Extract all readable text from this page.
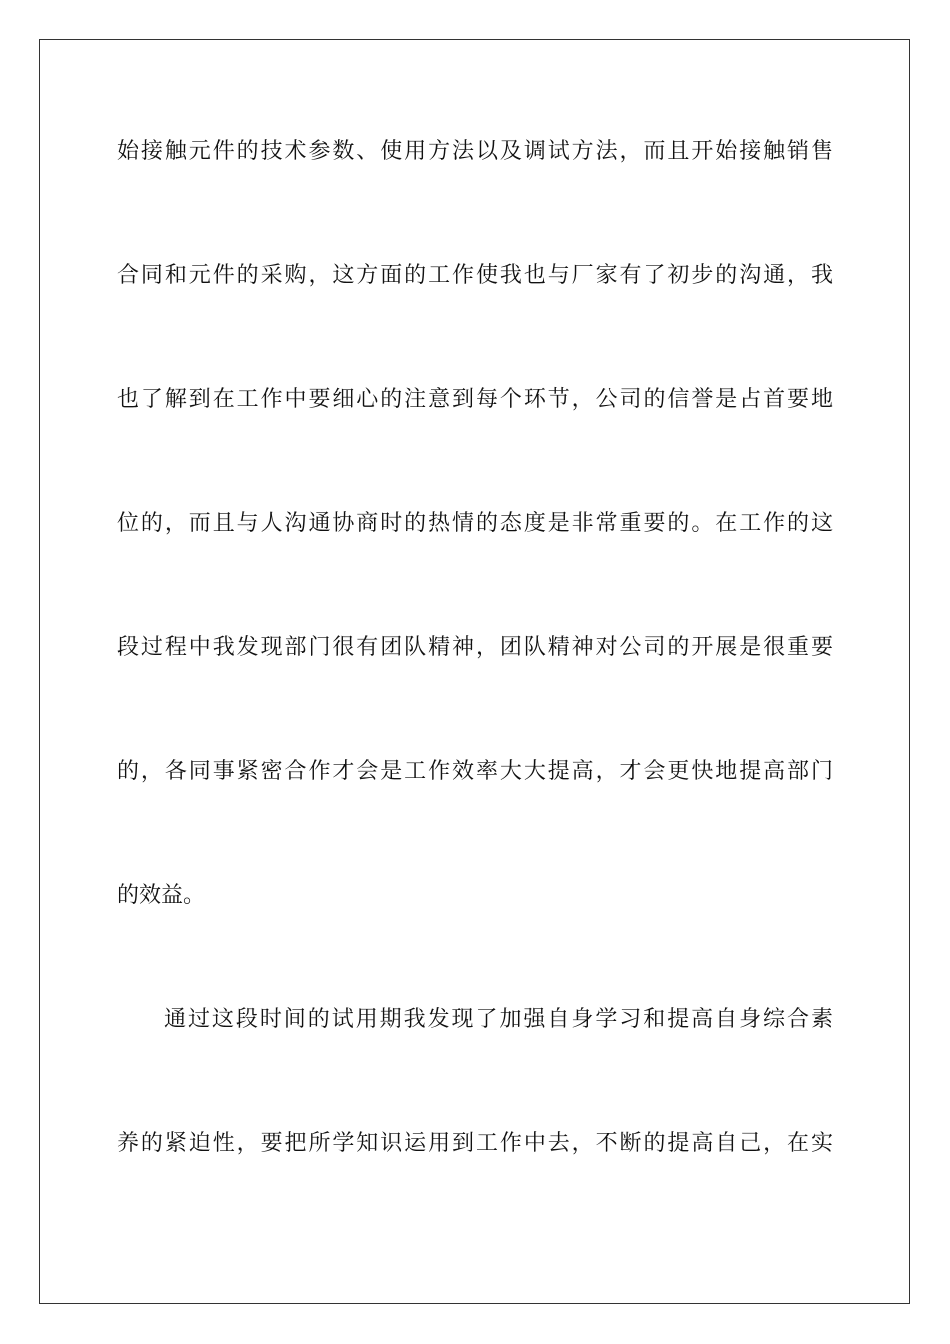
始接触元件的技术参数、使用方法以及调试方法，而且开始接触销售
合同和元件的采购，这方面的工作使我也与厂家有了初步的沟通，我
也了解到在工作中要细心的注意到每个环节，公司的信誉是占首要地
位的，而且与人沟通协商时的热情的态度是非常重要的。在工作的这
段过程中我发现部门很有团队精神，团队精神对公司的开展是很重要
的，各同事紧密合作才会是工作效率大大提高，才会更快地提高部门
的效益。
通过这段时间的试用期我发现了加强自身学习和提高自身综合素
养的紧迫性，要把所学知识运用到工作中去，不断的提高自己，在实
